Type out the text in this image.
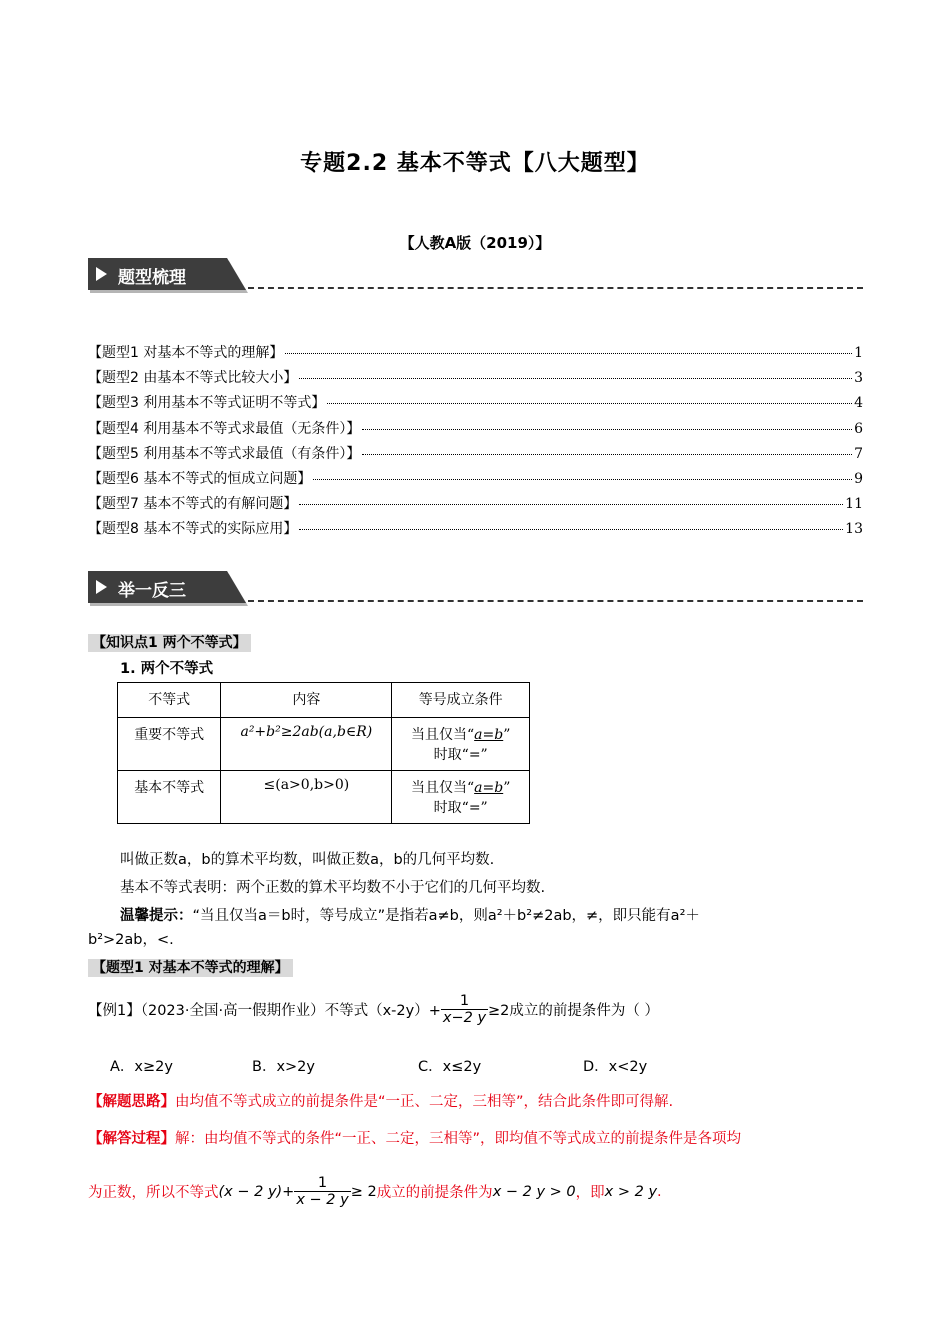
专题2.2 基本不等式【八大题型】
【人教A版（2019）】
题型梳理
【题型1 对基本不等式的理解】	1
【题型2 由基本不等式比较大小】	3
【题型3 利用基本不等式证明不等式】	4
【题型4 利用基本不等式求最值（无条件）】	6
【题型5 利用基本不等式求最值（有条件）】	7
【题型6 基本不等式的恒成立问题】	9
【题型7 基本不等式的有解问题】	11
【题型8 基本不等式的实际应用】	13
举一反三
【知识点1 两个不等式】
1. 两个不等式
不等式	内容	等号成立条件
重要不等式	a²+b²≥2ab(a,b∈R)	当且仅当“a=b”
时取“=”
基本不等式	≤(a>0,b>0)	当且仅当“a=b”
时取“=”
叫做正数a，b的算术平均数，叫做正数a，b的几何平均数.
基本不等式表明：两个正数的算术平均数不小于它们的几何平均数.
温馨提示：“当且仅当a＝b时，等号成立”是指若a≠b，则a²＋b²≠2ab，≠，即只能有a²＋
b²>2ab，<.
【题型1 对基本不等式的理解】
【例1】（2023·全国·高一假期作业）不等式$(x-2y)+ \frac{1}{x-2 y} \ge 2$成立的前提条件为（ ）
A．x≥2y	B．x>2y	C．x≤2y	D．x<2y
【解题思路】由均值不等式成立的前提条件是“一正、二定，三相等”，结合此条件即可得解.
【解答过程】解：由均值不等式的条件“一正、二定，三相等”，即均值不等式成立的前提条件是各项均
为正数，所以不等式 (x − 2 $y)+ \frac{1}{x - 2 y} \ge 2$ 成立的前提条件为 x − 2 y > 0 ，即 x > 2 y .
